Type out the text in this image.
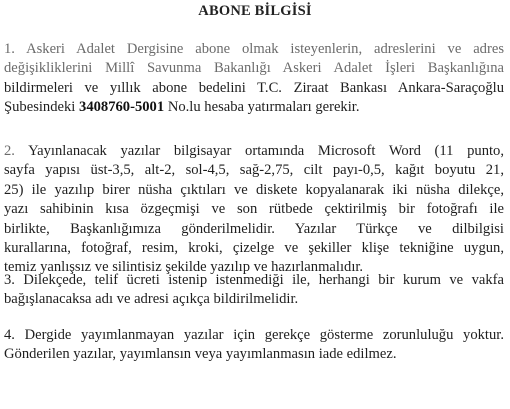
ABONE BİLGİSİ
1. Askeri Adalet Dergisine abone olmak isteyenlerin, adreslerini ve adres
değişikliklerini Millî Savunma Bakanlığı Askeri Adalet İşleri Başkanlığına
bildirmeleri ve yıllık abone bedelini T.C. Ziraat Bankası Ankara-Saraçoğlu
Şubesindeki 3408760-5001 No.lu hesaba yatırmaları gerekir.
2. Yayınlanacak yazılar bilgisayar ortamında Microsoft Word (11 punto,
sayfa yapısı üst-3,5, alt-2, sol-4,5, sağ-2,75, cilt payı-0,5, kağıt boyutu 21,
25) ile yazılıp birer nüsha çıktıları ve diskete kopyalanarak iki nüsha dilekçe,
yazı sahibinin kısa özgeçmişi ve son rütbede çektirilmiş bir fotoğrafı ile
birlikte, Başkanlığımıza gönderilmelidir. Yazılar Türkçe ve dilbilgisi
kurallarına, fotoğraf, resim, kroki, çizelge ve şekiller klişe tekniğine uygun,
temiz yanlışsız ve silintisiz şekilde yazılıp ve hazırlanmalıdır.
3. Dilekçede, telif ücreti istenip istenmediği ile, herhangi bir kurum ve vakfa
bağışlanacaksa adı ve adresi açıkça bildirilmelidir.
4. Dergide yayımlanmayan yazılar için gerekçe gösterme zorunluluğu yoktur.
Gönderilen yazılar, yayımlansın veya yayımlanmasın iade edilmez.
